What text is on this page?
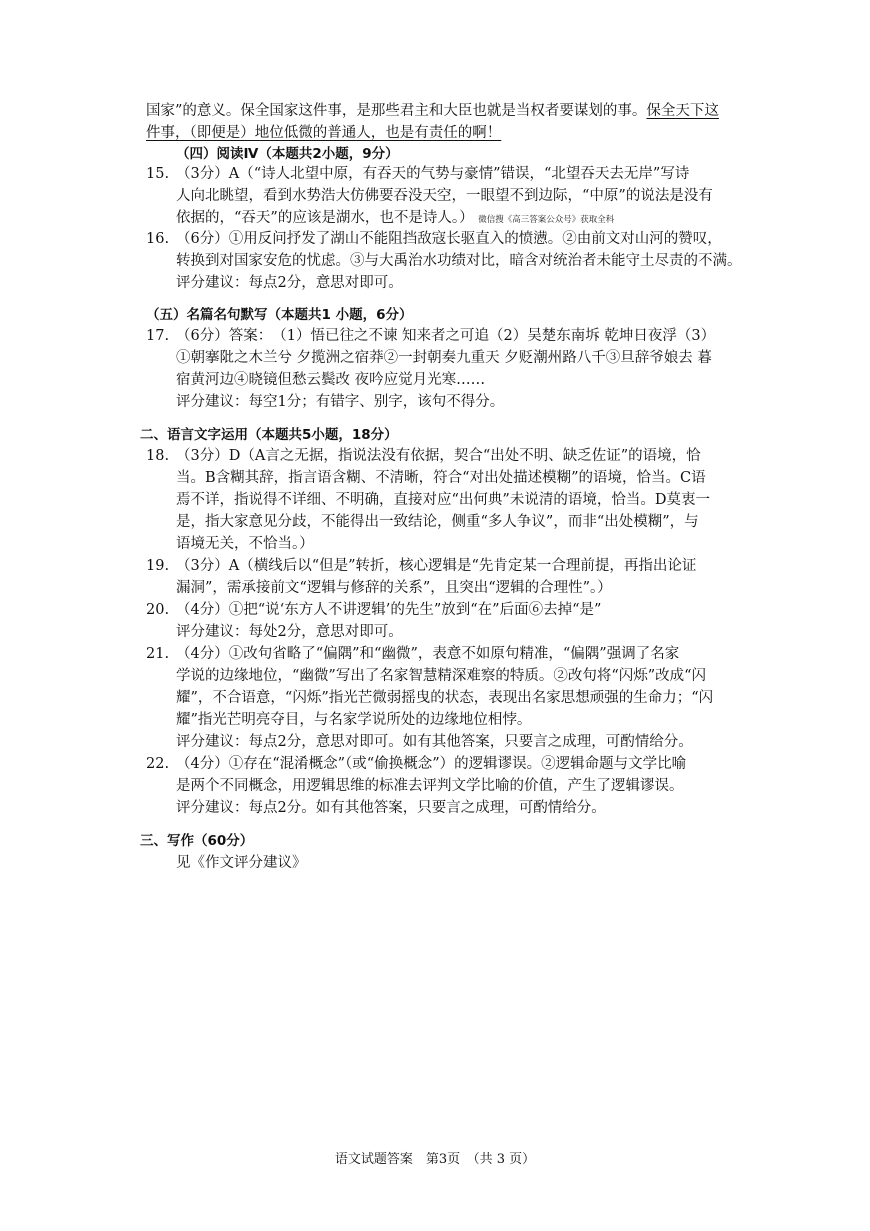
国家”的意义。保全国家这件事，是那些君主和大臣也就是当权者要谋划的事。保全天下这
件事，（即便是）地位低微的普通人，也是有责任的啊！
（四）阅读Ⅳ（本题共2小题，9分）
15. （3分）A（“诗人北望中原，有吞天的气势与豪情”错误，“北望吞天去无岸”写诗
人向北眺望，看到水势浩大仿佛要吞没天空，一眼望不到边际，“中原”的说法是没有
依据的，“吞天”的应该是湖水，也不是诗人。） 微信搜《高三答案公众号》获取全科
16. （6分）①用反问抒发了湖山不能阻挡敌寇长驱直入的愤懑。②由前文对山河的赞叹，
转换到对国家安危的忧虑。③与大禹治水功绩对比，暗含对统治者未能守土尽责的不满。
评分建议：每点2分，意思对即可。
（五）名篇名句默写（本题共1 小题，6分）
17. （6分）答案：　（1）悟已往之不谏 知来者之可追（2）吴楚东南坼 乾坤日夜浮（3）
①朝搴阰之木兰兮 夕揽洲之宿莽②一封朝奏九重天 夕贬潮州路八千③旦辞爷娘去 暮
宿黄河边④晓镜但愁云鬓改 夜吟应觉月光寒……
评分建议：每空1分；有错字、别字，该句不得分。
二、语言文字运用（本题共5小题，18分）
18. （3分）D（A言之无据，指说法没有依据，契合“出处不明、缺乏佐证”的语境，恰
当。B含糊其辞，指言语含糊、不清晰，符合“对出处描述模糊”的语境，恰当。C语
焉不详，指说得不详细、不明确，直接对应“出何典”未说清的语境，恰当。D莫衷一
是，指大家意见分歧，不能得出一致结论，侧重“多人争议”，而非“出处模糊”，与
语境无关，不恰当。）
19. （3分）A（横线后以“但是”转折，核心逻辑是“先肯定某一合理前提，再指出论证
漏洞”，需承接前文“逻辑与修辞的关系”，且突出“逻辑的合理性”。）
20. （4分）①把“说‘东方人不讲逻辑’的先生”放到“在”后面⑥去掉“是”
评分建议：每处2分，意思对即可。
21. （4分）①改句省略了“偏隅”和“幽微”，表意不如原句精准，“偏隅”强调了名家
学说的边缘地位，“幽微”写出了名家智慧精深难察的特质。②改句将“闪烁”改成“闪
耀”，不合语意，“闪烁”指光芒微弱摇曳的状态，表现出名家思想顽强的生命力；“闪
耀”指光芒明亮夺目，与名家学说所处的边缘地位相悖。
评分建议：每点2分，意思对即可。如有其他答案，只要言之成理，可酌情给分。
22. （4分）①存在“混淆概念”（或“偷换概念”）的逻辑谬误。②逻辑命题与文学比喻
是两个不同概念，用逻辑思维的标准去评判文学比喻的价值，产生了逻辑谬误。
评分建议：每点2分。如有其他答案，只要言之成理，可酌情给分。
三、写作（60分）
见《作文评分建议》
语文试题答案　第3页　（共 3 页）
